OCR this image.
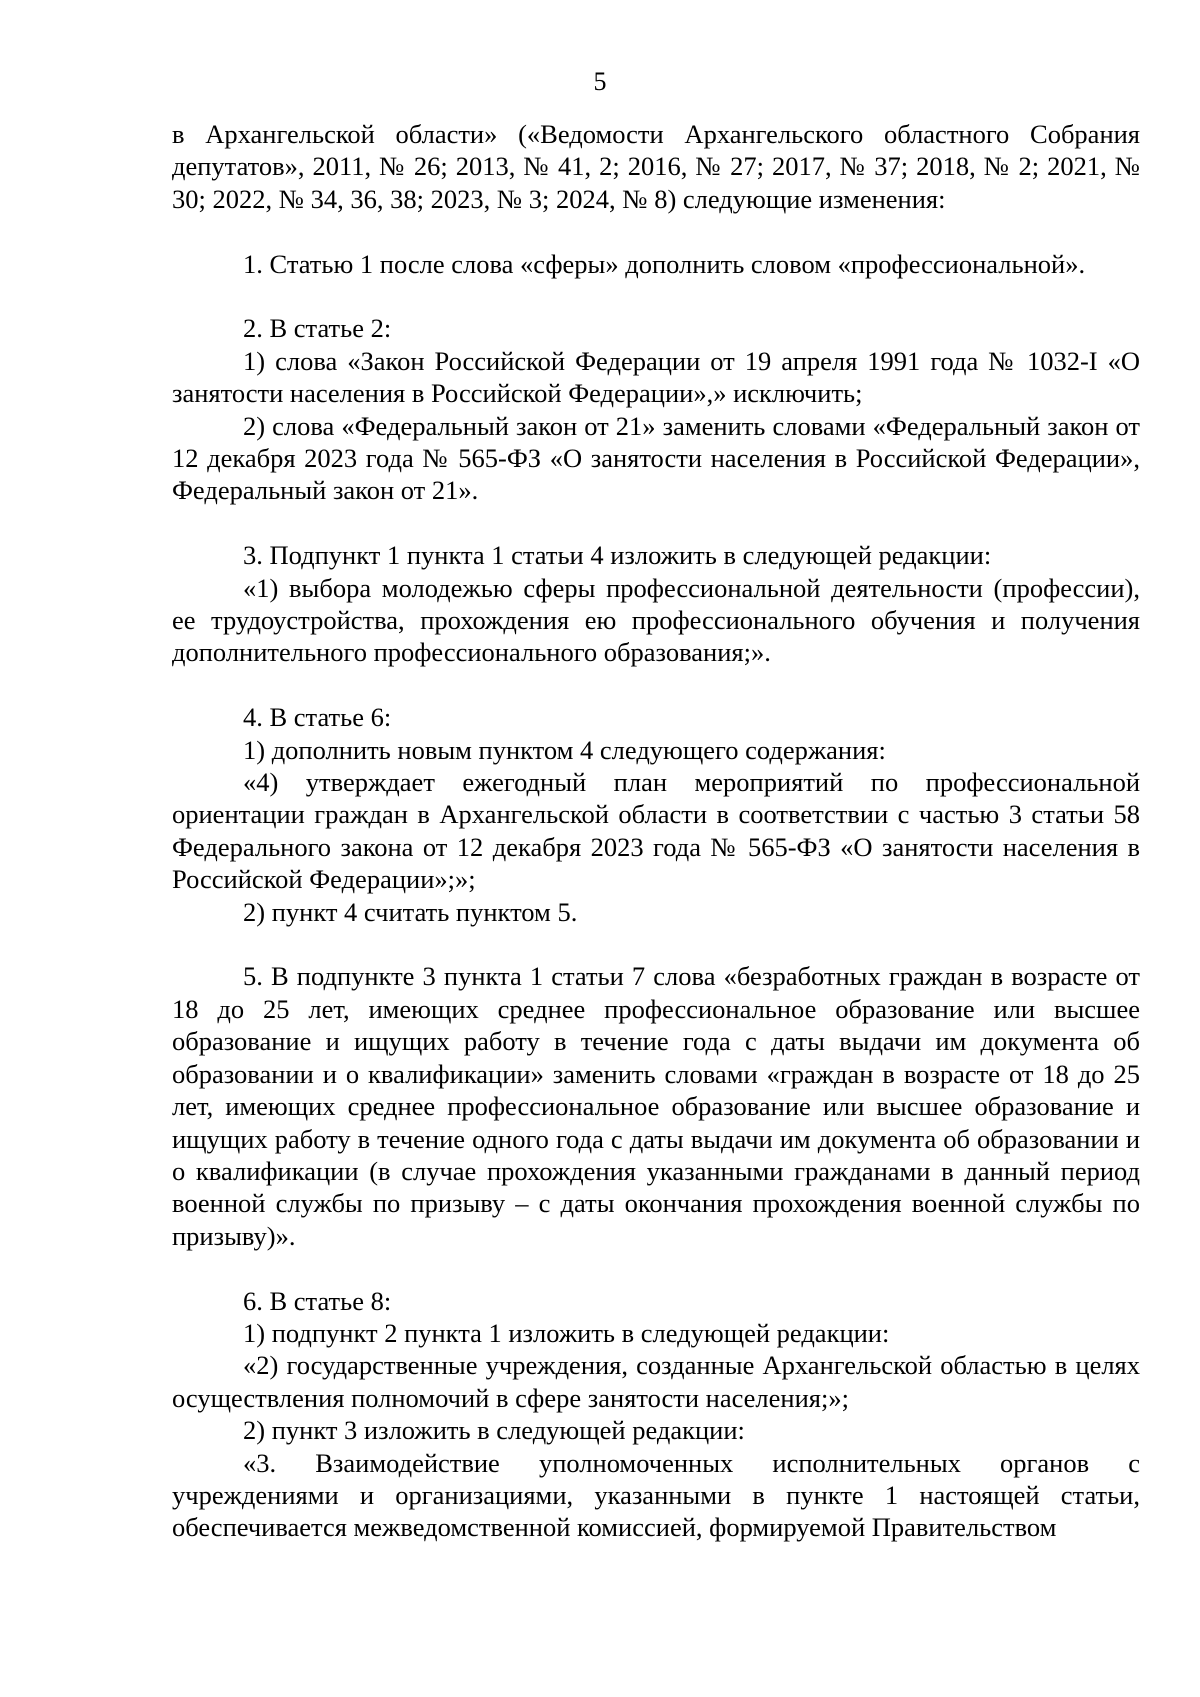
5

в Архангельской области» («Ведомости Архангельского областного Собрания депутатов», 2011, № 26; 2013, № 41, 2; 2016, № 27; 2017, № 37; 2018, № 2; 2021, № 30; 2022, № 34, 36, 38; 2023, № 3; 2024, № 8) следующие изменения:

1. Статью 1 после слова «сферы» дополнить словом «профессиональной».

2. В статье 2:

1) слова «Закон Российской Федерации от 19 апреля 1991 года № 1032-I «О занятости населения в Российской Федерации»,» исключить;

2) слова «Федеральный закон от 21» заменить словами «Федеральный закон от 12 декабря 2023 года № 565-ФЗ «О занятости населения в Российской Федерации», Федеральный закон от 21».

3. Подпункт 1 пункта 1 статьи 4 изложить в следующей редакции:

«1) выбора молодежью сферы профессиональной деятельности (профессии), ее трудоустройства, прохождения ею профессионального обучения и получения дополнительного профессионального образования;».

4. В статье 6:

1) дополнить новым пунктом 4 следующего содержания:

«4) утверждает ежегодный план мероприятий по профессиональной ориентации граждан в Архангельской области в соответствии с частью 3 статьи 58 Федерального закона от 12 декабря 2023 года № 565-ФЗ «О занятости населения в Российской Федерации»;»;

2) пункт 4 считать пунктом 5.

5. В подпункте 3 пункта 1 статьи 7 слова «безработных граждан в возрасте от 18 до 25 лет, имеющих среднее профессиональное образование или высшее образование и ищущих работу в течение года с даты выдачи им документа об образовании и о квалификации» заменить словами «граждан в возрасте от 18 до 25 лет, имеющих среднее профессиональное образование или высшее образование и ищущих работу в течение одного года с даты выдачи им документа об образовании и о квалификации (в случае прохождения указанными гражданами в данный период военной службы по призыву – с даты окончания прохождения военной службы по призыву)».

6. В статье 8:

1) подпункт 2 пункта 1 изложить в следующей редакции:

«2) государственные учреждения, созданные Архангельской областью в целях осуществления полномочий в сфере занятости населения;»;

2) пункт 3 изложить в следующей редакции:

«3. Взаимодействие уполномоченных исполнительных органов с учреждениями и организациями, указанными в пункте 1 настоящей статьи, обеспечивается межведомственной комиссией, формируемой Правительством
